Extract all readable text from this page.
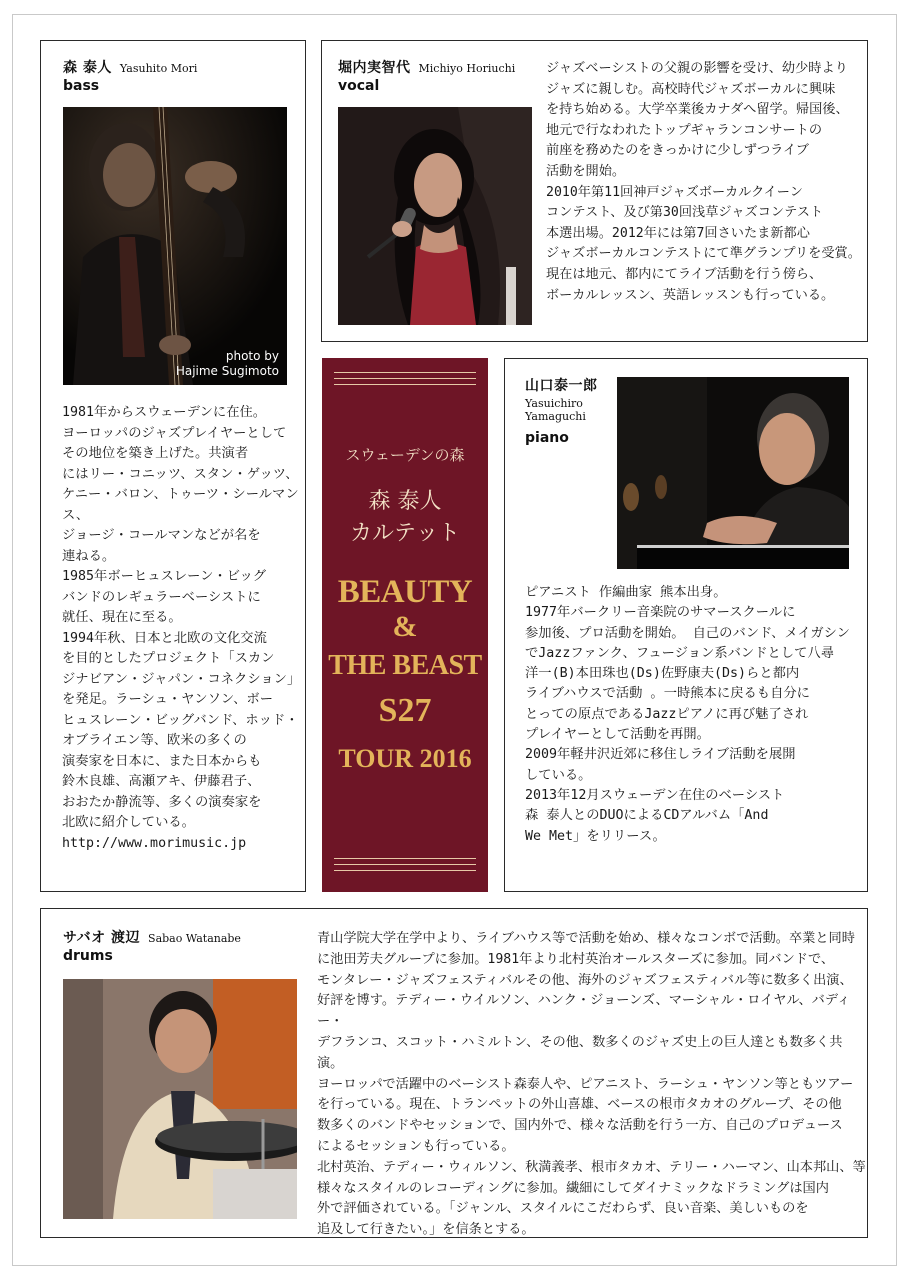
森 泰人 Yasuhito Mori
bass
photo by
Hajime Sugimoto
1981年からスウェーデンに在住。
ヨーロッパのジャズプレイヤーとして
その地位を築き上げた。共演者
にはリー・コニッツ、スタン・ゲッツ、
ケニー・バロン、トゥーツ・シールマンス、
ジョージ・コールマンなどが名を
連ねる。
1985年ボーヒュスレーン・ビッグ
バンドのレギュラーベーシストに
就任、現在に至る。
1994年秋、日本と北欧の文化交流
を目的としたプロジェクト「スカン
ジナビアン・ジャパン・コネクション」
を発足。ラーシュ・ヤンソン、ボー
ヒュスレーン・ビッグバンド、ホッド・
オブライエン等、欧米の多くの
演奏家を日本に、また日本からも
鈴木良雄、高瀬アキ、伊藤君子、
おおたか静流等、多くの演奏家を
北欧に紹介している。
http://www.morimusic.jp
堀内実智代 Michiyo Horiuchi
vocal
ジャズベーシストの父親の影響を受け、幼少時より
ジャズに親しむ。高校時代ジャズボーカルに興味
を持ち始める。大学卒業後カナダへ留学。帰国後、
地元で行なわれたトップギャランコンサートの
前座を務めたのをきっかけに少しずつライブ
活動を開始。
2010年第11回神戸ジャズボーカルクイーン
コンテスト、及び第30回浅草ジャズコンテスト
本選出場。2012年には第7回さいたま新都心
ジャズボーカルコンテストにて準グランプリを受賞。
現在は地元、都内にてライブ活動を行う傍ら、
ボーカルレッスン、英語レッスンも行っている。
スウェーデンの森
森 泰人
カルテット
BEAUTY
&
THE BEAST
S27
TOUR 2016
山口泰一郎
Yasuichiro
Yamaguchi
piano
ピアニスト 作編曲家 熊本出身。
1977年バークリー音楽院のサマースクールに
参加後、プロ活動を開始。 自己のバンド、メイガシン
でJazzファンク、フュージョン系バンドとして八尋
洋一(B)本田珠也(Ds)佐野康夫(Ds)らと都内
ライブハウスで活動 。一時熊本に戻るも自分に
とっての原点であるJazzピアノに再び魅了され
プレイヤーとして活動を再開。
2009年軽井沢近郊に移住しライブ活動を展開
している。
2013年12月スウェーデン在住のベーシスト
森 泰人とのDUOによるCDアルバム「And
We Met」をリリース。
サバオ 渡辺 Sabao Watanabe
drums
青山学院大学在学中より、ライブハウス等で活動を始め、様々なコンボで活動。卒業と同時
に池田芳夫グループに参加。1981年より北村英治オールスターズに参加。同バンドで、
モンタレー・ジャズフェスティバルその他、海外のジャズフェスティバル等に数多く出演、
好評を博す。テディー・ウイルソン、ハンク・ジョーンズ、マーシャル・ロイヤル、バディー・
デフランコ、スコット・ハミルトン、その他、数多くのジャズ史上の巨人達とも数多く共演。
ヨーロッパで活躍中のベーシスト森泰人や、ピアニスト、ラーシュ・ヤンソン等ともツアー
を行っている。現在、トランペットの外山喜雄、ベースの根市タカオのグループ、その他
数多くのバンドやセッションで、国内外で、様々な活動を行う一方、自己のプロデュース
によるセッションも行っている。
北村英治、テディー・ウィルソン、秋満義孝、根市タカオ、テリー・ハーマン、山本邦山、等
様々なスタイルのレコーディングに参加。繊細にしてダイナミックなドラミングは国内
外で評価されている。「ジャンル、スタイルにこだわらず、良い音楽、美しいものを
追及して行きたい。」を信条とする。
